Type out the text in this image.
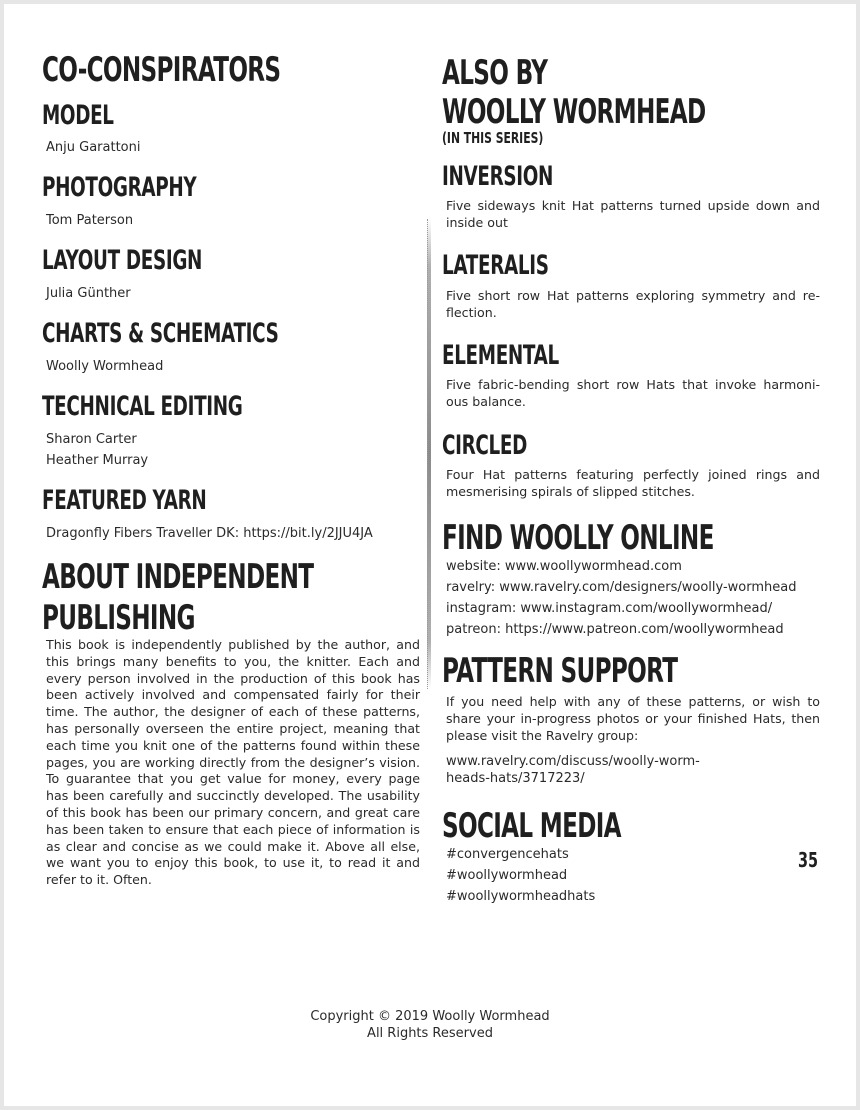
CO-CONSPIRATORS
MODEL

Anju Garattoni

PHOTOGRAPHY

Tom Paterson

LAYOUT DESIGN

Julia Günther

CHARTS & SCHEMATICS

Woolly Wormhead

TECHNICAL EDITING

Sharon Carter

Heather Murray

FEATURED YARN

Dragonfly Fibers Traveller DK: https://bit.ly/2JJU4JA

ABOUT INDEPENDENT
PUBLISHING

This book is independently published by the author, and this brings many benefits to you, the knitter. Each and every person involved in the production of this book has been actively involved and compensated fairly for their time. The author, the designer of each of these patterns, has personally overseen the entire project, meaning that each time you knit one of the patterns found within these pages, you are working directly from the designer’s vision. To guarantee that you get value for money, every page has been carefully and succinctly developed. The usability of this book has been our primary concern, and great care has been taken to ensure that each piece of information is as clear and concise as we could make it. Above all else, we want you to enjoy this book, to use it, to read it and refer to it. Often.

ALSO BY
WOOLLY WORMHEAD

(IN THIS SERIES)

INVERSION

Five sideways knit Hat patterns turned upside down and inside out

LATERALIS

Five short row Hat patterns exploring symmetry and re-flection.

ELEMENTAL

Five fabric-bending short row Hats that invoke harmoni-ous balance.

CIRCLED

Four Hat patterns featuring perfectly joined rings and mesmerising spirals of slipped stitches.

FIND WOOLLY ONLINE

website: www.woollywormhead.com

ravelry: www.ravelry.com/designers/woolly-wormhead

instagram: www.instagram.com/woollywormhead/

patreon: https://www.patreon.com/woollywormhead

PATTERN SUPPORT

If you need help with any of these patterns, or wish to share your in-progress photos or your finished Hats, then please visit the Ravelry group:

www.ravelry.com/discuss/woolly-worm-

heads-hats/3717223/

SOCIAL MEDIA

#convergencehats

#woollywormhead

#woollywormheadhats

Copyright © 2019 Woolly Wormhead
All Rights Reserved
35
